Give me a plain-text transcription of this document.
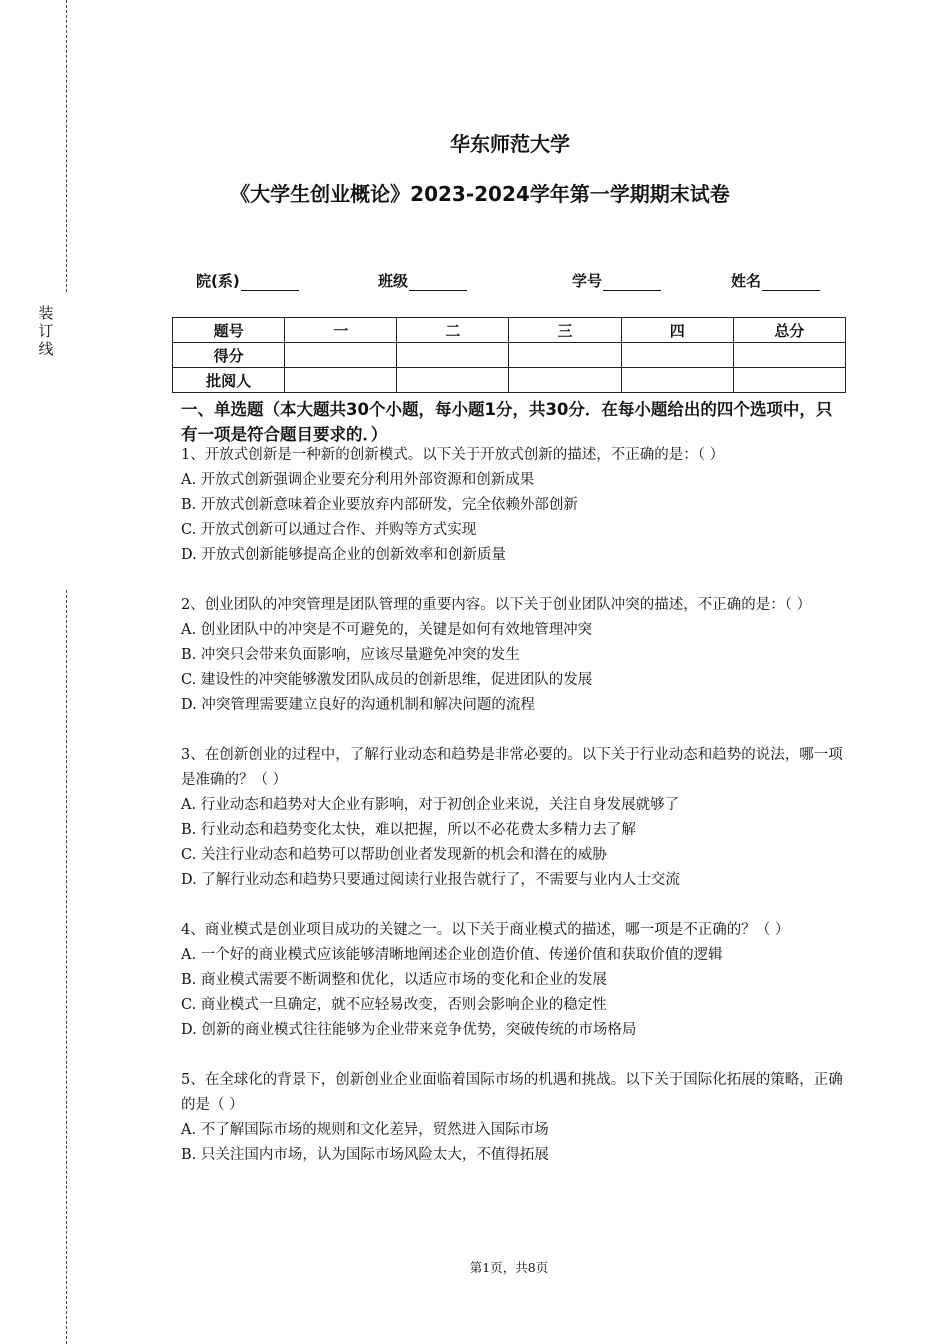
装
订
线
华东师范大学
《大学生创业概论》2023-2024学年第一学期期末试卷
院(系)	班级	学号	姓名
题号	一	二	三	四	总分
得分					
批阅人					
一、单选题（本大题共30个小题，每小题1分，共30分．在每小题给出的四个选项中，只有一项是符合题目要求的．）

1、开放式创新是一种新的创新模式。以下关于开放式创新的描述，不正确的是：（ ）

A. 开放式创新强调企业要充分利用外部资源和创新成果

B. 开放式创新意味着企业要放弃内部研发，完全依赖外部创新

C. 开放式创新可以通过合作、并购等方式实现

D. 开放式创新能够提高企业的创新效率和创新质量

2、创业团队的冲突管理是团队管理的重要内容。以下关于创业团队冲突的描述，不正确的是：（ ）

A. 创业团队中的冲突是不可避免的，关键是如何有效地管理冲突

B. 冲突只会带来负面影响，应该尽量避免冲突的发生

C. 建设性的冲突能够激发团队成员的创新思维，促进团队的发展

D. 冲突管理需要建立良好的沟通机制和解决问题的流程

3、在创新创业的过程中，了解行业动态和趋势是非常必要的。以下关于行业动态和趋势的说法，哪一项是准确的？（ ）

A. 行业动态和趋势对大企业有影响，对于初创企业来说，关注自身发展就够了

B. 行业动态和趋势变化太快，难以把握，所以不必花费太多精力去了解

C. 关注行业动态和趋势可以帮助创业者发现新的机会和潜在的威胁

D. 了解行业动态和趋势只要通过阅读行业报告就行了，不需要与业内人士交流

4、商业模式是创业项目成功的关键之一。以下关于商业模式的描述，哪一项是不正确的？（ ）

A. 一个好的商业模式应该能够清晰地阐述企业创造价值、传递价值和获取价值的逻辑

B. 商业模式需要不断调整和优化，以适应市场的变化和企业的发展

C. 商业模式一旦确定，就不应轻易改变，否则会影响企业的稳定性

D. 创新的商业模式往往能够为企业带来竞争优势，突破传统的市场格局

5、在全球化的背景下，创新创业企业面临着国际市场的机遇和挑战。以下关于国际化拓展的策略，正确的是（ ）

A. 不了解国际市场的规则和文化差异，贸然进入国际市场

B. 只关注国内市场，认为国际市场风险太大，不值得拓展

第1页，共8页
